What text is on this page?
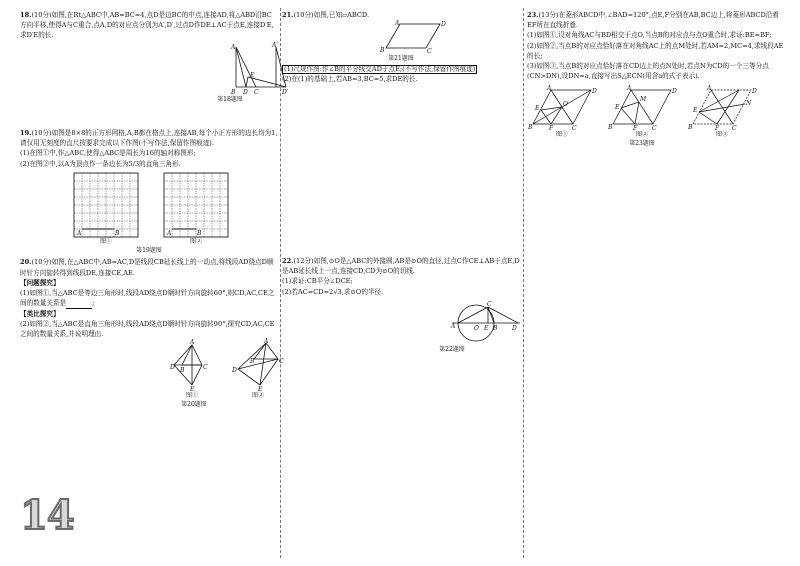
18.(10分)如图,在Rt△ABC中,AB=BC=4,点D是边BC的中点,连接AD,将△ABD沿BC方向平移,使得A与C重合,点A,D的对应点分别为A′,D′,过点D作DE⊥AC于点E,连接D′E,求D′E的长.

A	A′
E
B D C	D′

第18题图

19.(10分)如图是8×8的正方形网格,A,B都在格点上,连接AB,每个小正方形的边长均为1,请仅用无刻度的直尺按要求完成以下作图(不写作法,保留作图痕迹).

(1)在图①中,作△ABC,使得△ABC是周长为16的轴对称图形;

(2)在图②中,以A为顶点作一条边长为5/3的直角三角形.

A	B

图①

A	B

图②

第19题图

20.(10分)如图,在△ABC中,AB=AC,D是线段CB延长线上的一动点,将线段AD绕点D顺时针方向旋转得到线段DE,连接CE,AE.

【问题探究】

(1)如图①,当△ABC是等边三角形时,线段AD绕点D顺时针方向旋转60°,则CD,AC,CE之间的数量关系是	;

【类比探究】

(2)如图②,当△ABC是直角三角形时,线段AD绕点D顺时针方向旋转90°,探究CD,AC,CE之间的数量关系,并说明理由.

A
B	C
D
E

图①

A
B	C
D
E

图②

第20题图

14

21.(10分)如图,已知▱ABCD.

A
B	C
D

第21题图

(1)尺规作图:作∠B的平分线交AD于点E;(不写作法,保留作图痕迹)

(2)在(1)的基础上,若AB=3,BC=5,求DE的长.

22.(12分)如图,⊙O是△ABC的外接圆,AB是⊙O的直径,过点C作CE⊥AB于点E,D是AB延长线上一点,连接CD,CD为⊙O的切线.

(1)求证:CB平分∠DCE;

(2)若AC=CD=2√3,求⊙O的半径.

A	O E B D
C

第22题图

23.(13分)在菱形ABCD中,∠BAD=120°,点E,F分别在AB,BC边上,将菱形ABCD沿着EF所在直线折叠.

(1)如图①,设对角线AC与BD相交于点O,当点B的对应点与点O重合时,求证:BE=BF;

(2)如图②,当点B的对应点恰好落在对角线AC上的点M处时,若AM=2,MC=4,求线段AE的长;

(3)如图③,当点B的对应点恰好落在CD边上的点N处时,若点N为CD的一个三等分点(CN>DN),设DN=a,直接写出S△ECN(用含a的式子表示).

A
B	C
D
E
F
O

图①

A
B	C
D
E
F
M

图②

A
B	C
D
E
F
N

图③

第23题图
